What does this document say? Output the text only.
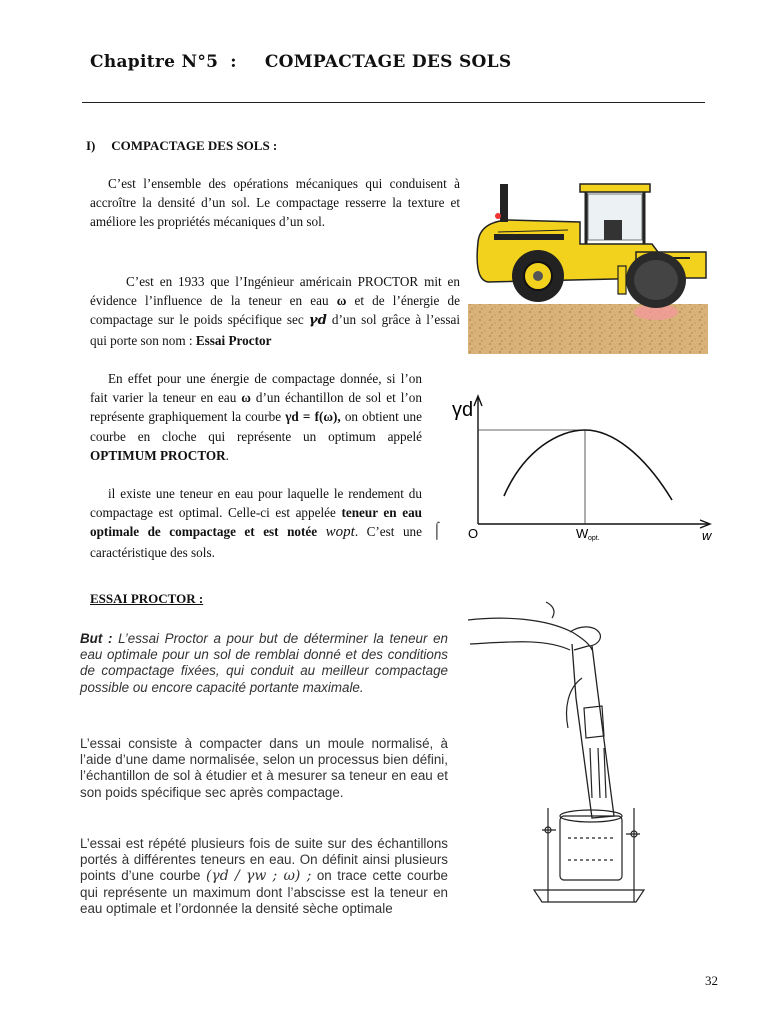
Chapitre N°5 : COMPACTAGE DES SOLS
I) COMPACTAGE DES SOLS :
C’est l’ensemble des opérations mécaniques qui conduisent à accroître la densité d’un sol. Le compactage resserre la texture et améliore les propriétés mécaniques d’un sol.
C’est en 1933 que l’Ingénieur américain PROCTOR mit en évidence l’influence de la teneur en eau ω et de l’énergie de compactage sur le poids spécifique sec γd d’un sol grâce à l’essai qui porte son nom : Essai Proctor
En effet pour une énergie de compactage donnée, si l’on fait varier la teneur en eau ω d’un échantillon de sol et l’on représente graphiquement la courbe γd = f(ω), on obtient une courbe en cloche qui représente un optimum appelé OPTIMUM PROCTOR.
il existe une teneur en eau pour laquelle le rendement du compactage est optimal. Celle-ci est appelée teneur en eau optimale de compactage et est notée wopt. C’est une caractéristique des sols.
⌠
γd
O	w
W opt.
ESSAI PROCTOR :
But : L’essai Proctor a pour but de déterminer la teneur en eau optimale pour un sol de remblai donné et des conditions de compactage fixées, qui conduit au meilleur compactage possible ou encore capacité portante maximale.
L’essai consiste à compacter dans un moule normalisé, à l’aide d’une dame normalisée, selon un processus bien défini, l’échantillon de sol à étudier et à mesurer sa teneur en eau et son poids spécifique sec après compactage.
L’essai est répété plusieurs fois de suite sur des échantillons portés à différentes teneurs en eau. On définit ainsi plusieurs points d’une courbe (γd / γw ; ω) ; on trace cette courbe qui représente un maximum dont l’abscisse est la teneur en eau optimale et l’ordonnée la densité sèche optimale
32
